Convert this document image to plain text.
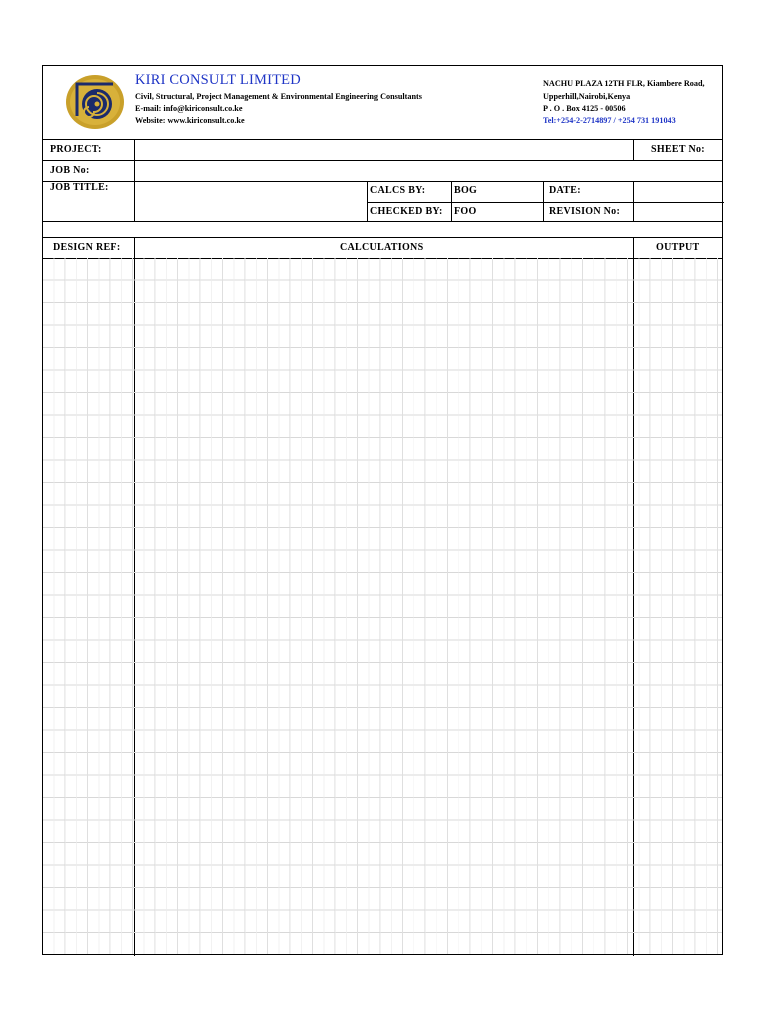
KIRI CONSULT LIMITED
Civil, Structural, Project Management & Environmental Engineering Consultants
E-mail: info@kiriconsult.co.ke
Website: www.kiriconsult.co.ke
NACHU PLAZA 12TH FLR, Kiambere Road,
Upperhill,Nairobi,Kenya
P . O . Box 4125 - 00506
Tel:+254-2-2714897 / +254 731 191043
PROJECT:	SHEET No:
JOB No:
JOB TITLE:	CALCS BY:	BOG	DATE:
CHECKED BY: FOO	REVISION No:
DESIGN REF:	CALCULATIONS	OUTPUT
